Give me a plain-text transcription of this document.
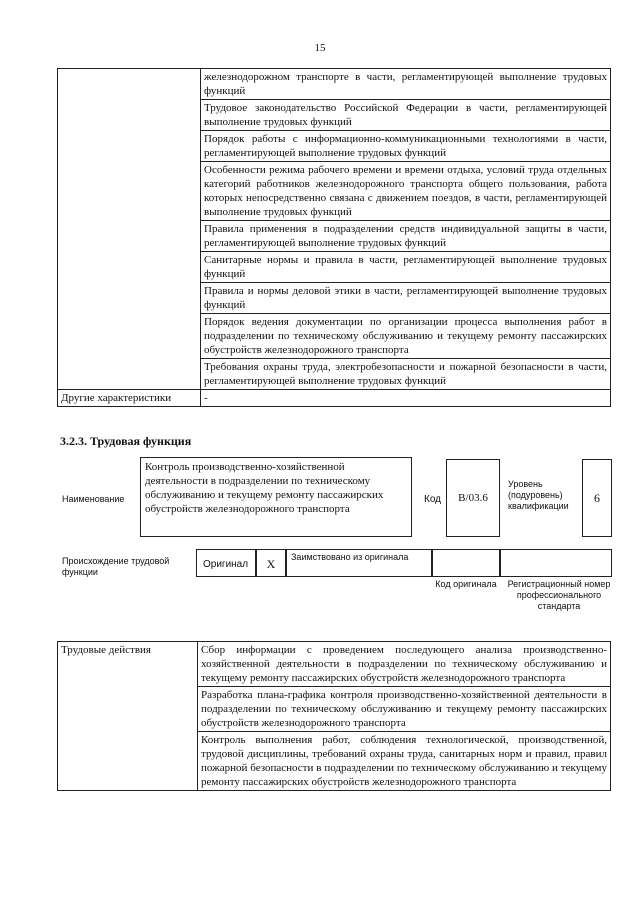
15
	железнодорожном транспорте в части, регламентирующей выполнение трудовых функций
	Трудовое законодательство Российской Федерации в части, регламентирующей выполнение трудовых функций
	Порядок работы с информационно-коммуникационными технологиями в части, регламентирующей выполнение трудовых функций
	Особенности режима рабочего времени и времени отдыха, условий труда отдельных категорий работников железнодорожного транспорта общего пользования, работа которых непосредственно связана с движением поездов, в части, регламентирующей выполнение трудовых функций
	Правила применения в подразделении средств индивидуальной защиты в части, регламентирующей выполнение трудовых функций
	Санитарные нормы и правила в части, регламентирующей выполнение трудовых функций
	Правила и нормы деловой этики в части, регламентирующей выполнение трудовых функций
	Порядок ведения документации по организации процесса выполнения работ в подразделении по техническому обслуживанию и текущему ремонту пассажирских обустройств железнодорожного транспорта
	Требования охраны труда, электробезопасности и пожарной безопасности в части, регламентирующей выполнение трудовых функций
Другие характеристики	-
3.2.3. Трудовая функция
Наименование
Контроль производственно-хозяйственной деятельности в подразделении по техническому обслуживанию и текущему ремонту пассажирских обустройств железнодорожного транспорта
Код	В/03.6
Уровень (подуровень) квалификации
6
Происхождение трудовой функции
Оригинал	X	Заимствовано из оригинала
Код оригинала	Регистрационный номер профессионального стандарта
Трудовые действия	Сбор информации с проведением последующего анализа производственно-хозяйственной деятельности в подразделении по техническому обслуживанию и текущему ремонту пассажирских обустройств железнодорожного транспорта
Разработка плана-графика контроля производственно-хозяйственной деятельности в подразделении по техническому обслуживанию и текущему ремонту пассажирских обустройств железнодорожного транспорта
Контроль выполнения работ, соблюдения технологической, производственной, трудовой дисциплины, требований охраны труда, санитарных норм и правил, правил пожарной безопасности в подразделении по техническому обслуживанию и текущему ремонту пассажирских обустройств железнодорожного транспорта
